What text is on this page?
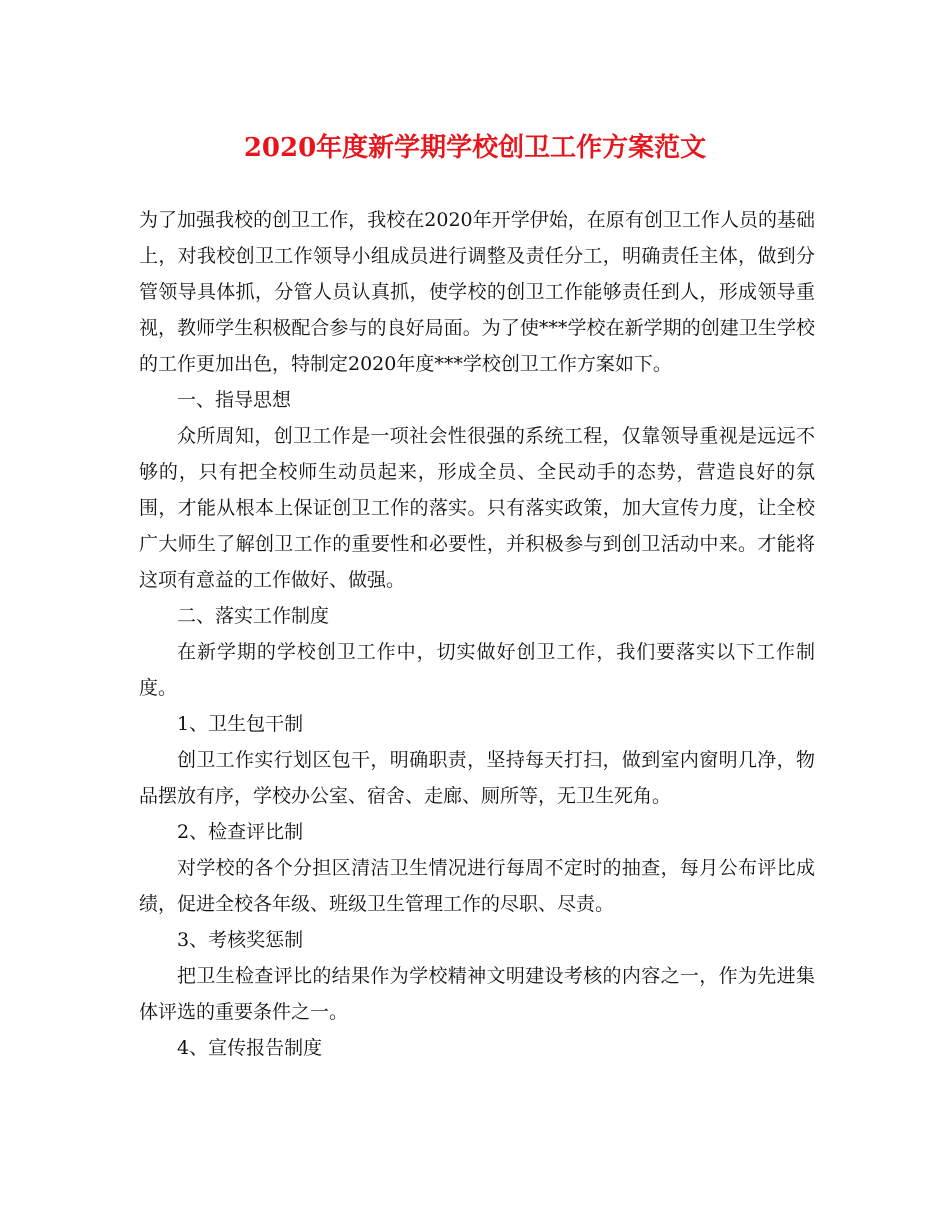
2020年度新学期学校创卫工作方案范文

为了加强我校的创卫工作，我校在2020年开学伊始，在原有创卫工作人员的基础上，对我校创卫工作领导小组成员进行调整及责任分工，明确责任主体，做到分管领导具体抓，分管人员认真抓，使学校的创卫工作能够责任到人，形成领导重视，教师学生积极配合参与的良好局面。为了使***学校在新学期的创建卫生学校的工作更加出色，特制定2020年度***学校创卫工作方案如下。

一、指导思想

众所周知，创卫工作是一项社会性很强的系统工程，仅靠领导重视是远远不够的，只有把全校师生动员起来，形成全员、全民动手的态势，营造良好的氛围，才能从根本上保证创卫工作的落实。只有落实政策，加大宣传力度，让全校广大师生了解创卫工作的重要性和必要性，并积极参与到创卫活动中来。才能将这项有意益的工作做好、做强。

二、落实工作制度

在新学期的学校创卫工作中，切实做好创卫工作，我们要落实以下工作制度。

1、卫生包干制

创卫工作实行划区包干，明确职责，坚持每天打扫，做到室内窗明几净，物品摆放有序，学校办公室、宿舍、走廊、厕所等，无卫生死角。

2、检查评比制

对学校的各个分担区清洁卫生情况进行每周不定时的抽查，每月公布评比成绩，促进全校各年级、班级卫生管理工作的尽职、尽责。

3、考核奖惩制

把卫生检查评比的结果作为学校精神文明建设考核的内容之一，作为先进集体评选的重要条件之一。

4、宣传报告制度
